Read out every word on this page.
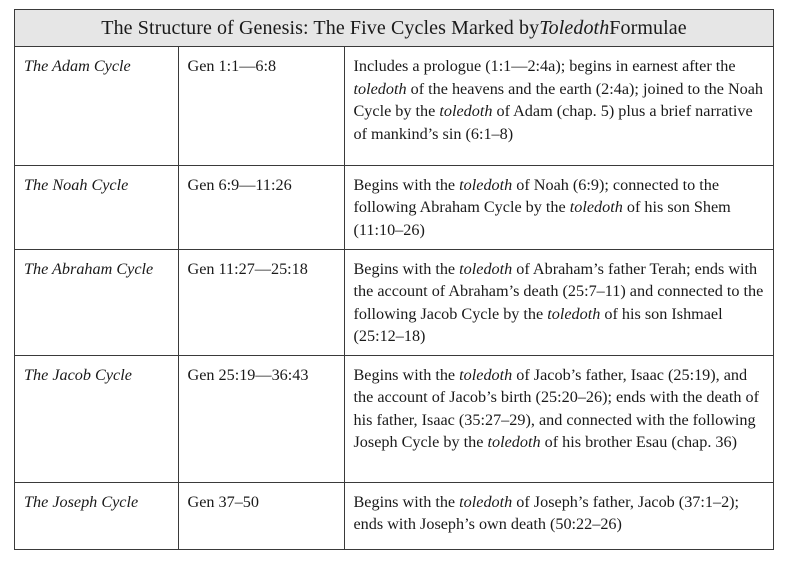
The Structure of Genesis: The Five Cycles Marked by Toledoth Formulae
The Adam Cycle	Gen 1:1—6:8	Includes a prologue (1:1—2:4a); begins in earnest after the toledoth of the heavens and the earth (2:4a); joined to the Noah Cycle by the toledoth of Adam (chap. 5) plus a brief narrative of mankind’s sin (6:1–8)
The Noah Cycle	Gen 6:9—11:26	Begins with the toledoth of Noah (6:9); connected to the following Abraham Cycle by the toledoth of his son Shem (11:10–26)
The Abraham Cycle	Gen 11:27—25:18	Begins with the toledoth of Abraham’s father Terah; ends with the account of Abraham’s death (25:7–11) and connected to the following Jacob Cycle by the toledoth of his son Ishmael (25:12–18)
The Jacob Cycle	Gen 25:19—36:43	Begins with the toledoth of Jacob’s father, Isaac (25:19), and the account of Jacob’s birth (25:20–26); ends with the death of his father, Isaac (35:27–29), and connected with the following Joseph Cycle by the toledoth of his brother Esau (chap. 36)
The Joseph Cycle	Gen 37–50	Begins with the toledoth of Joseph’s father, Jacob (37:1–2); ends with Joseph’s own death (50:22–26)
